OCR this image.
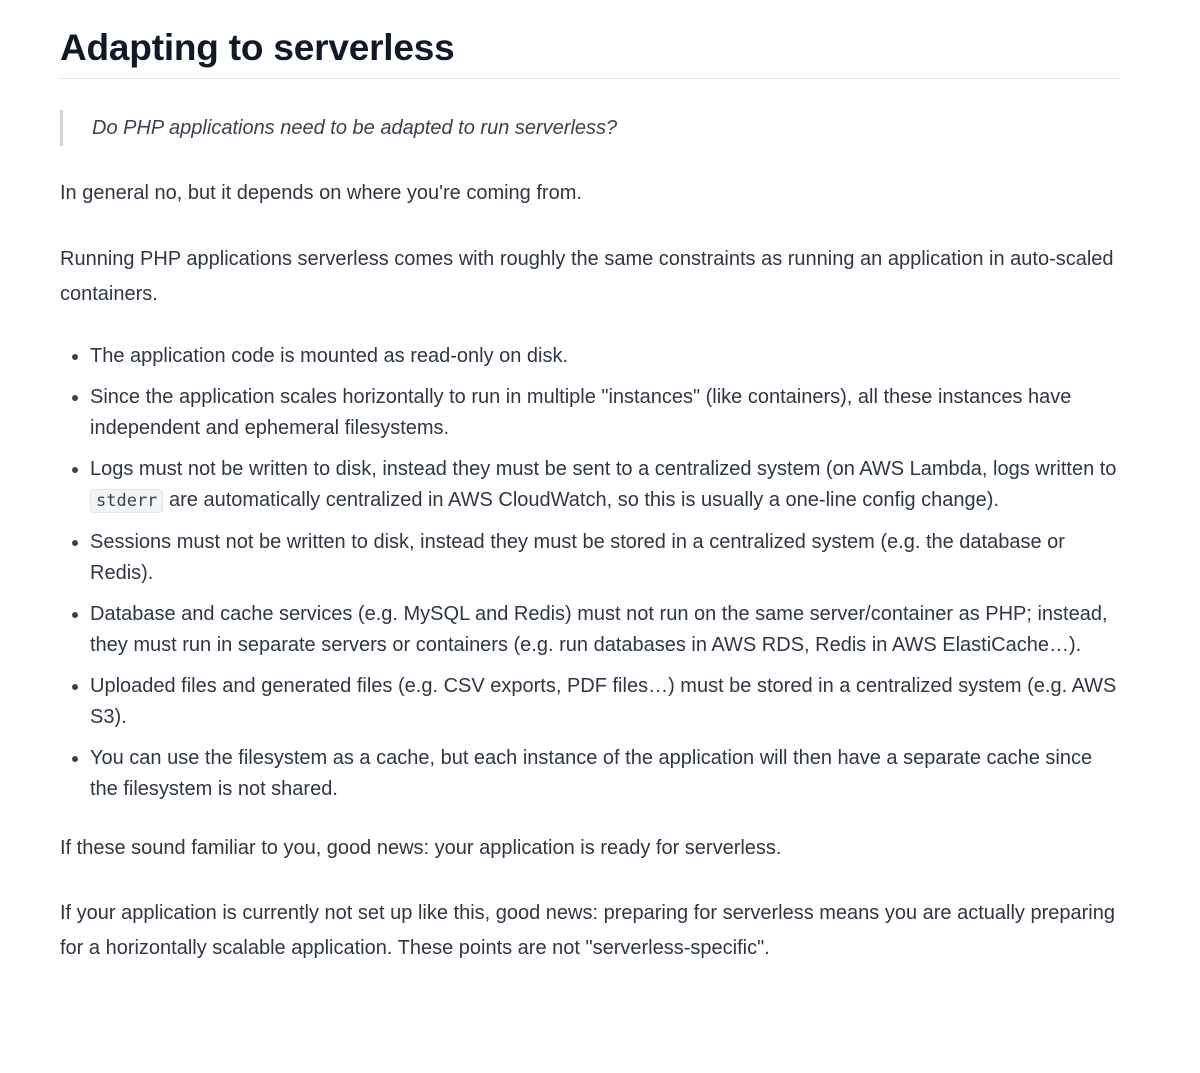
Adapting to serverless
Do PHP applications need to be adapted to run serverless?

In general no, but it depends on where you're coming from.

Running PHP applications serverless comes with roughly the same constraints as running an application in auto-scaled containers.

The application code is mounted as read-only on disk.
Since the application scales horizontally to run in multiple "instances" (like containers), all these instances have independent and ephemeral filesystems.
Logs must not be written to disk, instead they must be sent to a centralized system (on AWS Lambda, logs written to stderr are automatically centralized in AWS CloudWatch, so this is usually a one-line config change).
Sessions must not be written to disk, instead they must be stored in a centralized system (e.g. the database or Redis).
Database and cache services (e.g. MySQL and Redis) must not run on the same server/container as PHP; instead, they must run in separate servers or containers (e.g. run databases in AWS RDS, Redis in AWS ElastiCache…).
Uploaded files and generated files (e.g. CSV exports, PDF files…) must be stored in a centralized system (e.g. AWS S3).
You can use the filesystem as a cache, but each instance of the application will then have a separate cache since the filesystem is not shared.

If these sound familiar to you, good news: your application is ready for serverless.

If your application is currently not set up like this, good news: preparing for serverless means you are actually preparing for a horizontally scalable application. These points are not "serverless-specific".
